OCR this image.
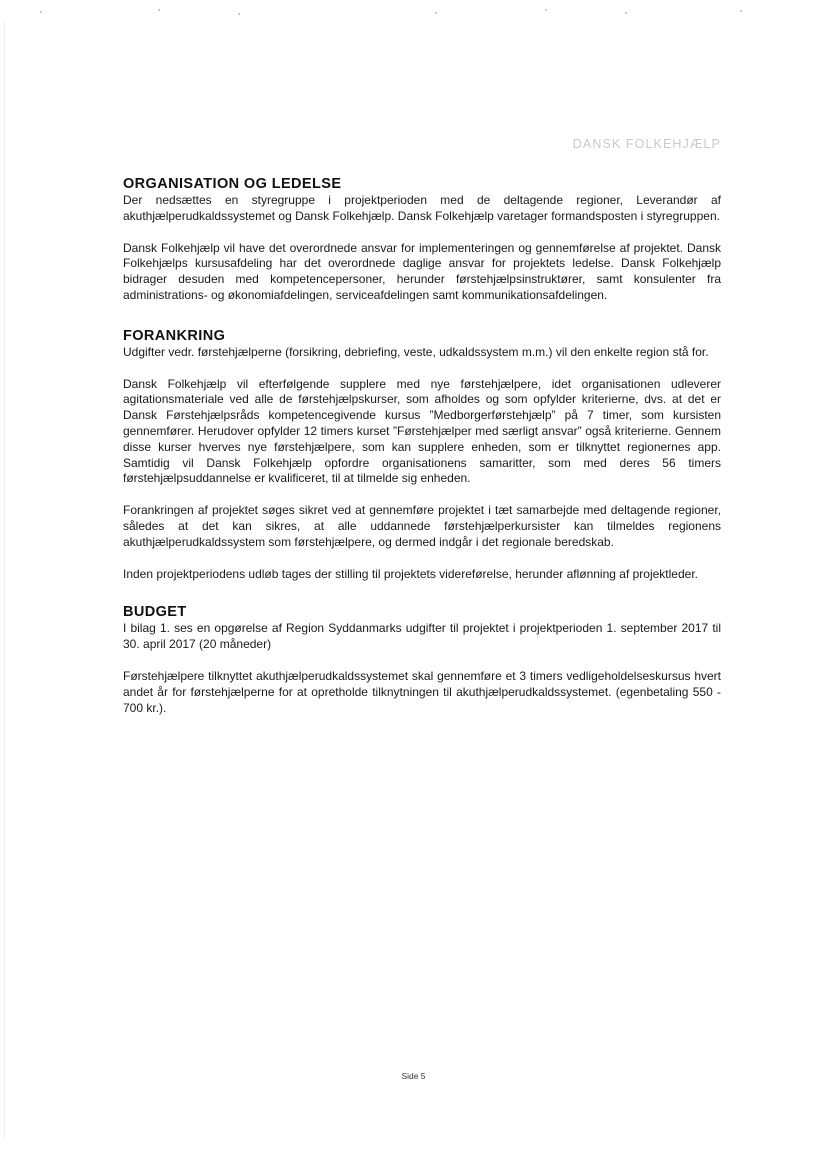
DANSK FOLKEHJÆLP
ORGANISATION OG LEDELSE

Der nedsættes en styregruppe i projektperioden med de deltagende regioner, Leverandør af akuthjælperudkaldssystemet og Dansk Folkehjælp. Dansk Folkehjælp varetager formandsposten i styregruppen.

Dansk Folkehjælp vil have det overordnede ansvar for implementeringen og gennemførelse af projektet. Dansk Folkehjælps kursusafdeling har det overordnede daglige ansvar for projektets ledelse. Dansk Folkehjælp bidrager desuden med kompetencepersoner, herunder førstehjælpsinstruktører, samt konsulenter fra administrations- og økonomiafdelingen, serviceafdelingen samt kommunikationsafdelingen.

FORANKRING

Udgifter vedr. førstehjælperne (forsikring, debriefing, veste, udkaldssystem m.m.) vil den enkelte region stå for.

Dansk Folkehjælp vil efterfølgende supplere med nye førstehjælpere, idet organisationen udleverer agitationsmateriale ved alle de førstehjælpskurser, som afholdes og som opfylder kriterierne, dvs. at det er Dansk Førstehjælpsråds kompetencegivende kursus ”Medborgerførstehjælp” på 7 timer, som kursisten gennemfører. Herudover opfylder 12 timers kurset ”Førstehjælper med særligt ansvar” også kriterierne. Gennem disse kurser hverves nye førstehjælpere, som kan supplere enheden, som er tilknyttet regionernes app. Samtidig vil Dansk Folkehjælp opfordre organisationens samaritter, som med deres 56 timers førstehjælpsuddannelse er kvalificeret, til at tilmelde sig enheden.

Forankringen af projektet søges sikret ved at gennemføre projektet i tæt samarbejde med deltagende regioner, således at det kan sikres, at alle uddannede førstehjælperkursister kan tilmeldes regionens akuthjælperudkaldssystem som førstehjælpere, og dermed indgår i det regionale beredskab.

Inden projektperiodens udløb tages der stilling til projektets videreførelse, herunder aflønning af projektleder.

BUDGET

I bilag 1. ses en opgørelse af Region Syddanmarks udgifter til projektet i projektperioden 1. september 2017 til 30. april 2017 (20 måneder)

Førstehjælpere tilknyttet akuthjælperudkaldssystemet skal gennemføre et 3 timers vedligeholdelseskursus hvert andet år for førstehjælperne for at opretholde tilknytningen til akuthjælperudkaldssystemet. (egenbetaling 550 - 700 kr.).

Side 5
